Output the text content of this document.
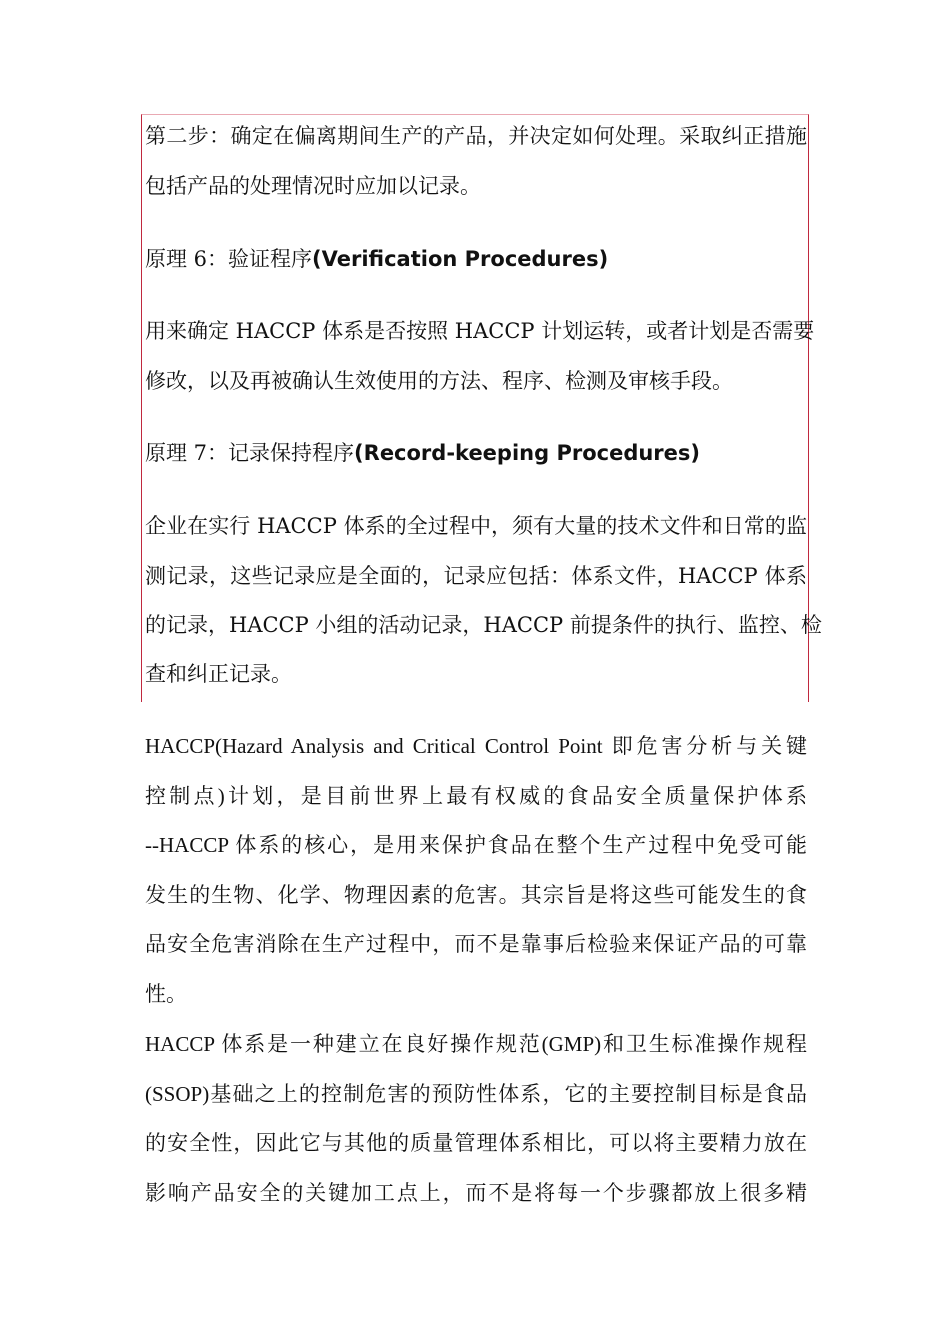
第二步：确定在偏离期间生产的产品，并决定如何处理。采取纠正措施
包括产品的处理情况时应加以记录。
原理 6：验证程序(Verification Procedures)
用来确定 HACCP 体系是否按照 HACCP 计划运转，或者计划是否需要
修改，以及再被确认生效使用的方法、程序、检测及审核手段。
原理 7：记录保持程序(Record-keeping Procedures)
企业在实行 HACCP 体系的全过程中，须有大量的技术文件和日常的监
测记录，这些记录应是全面的，记录应包括：体系文件，HACCP 体系
的记录，HACCP 小组的活动记录，HACCP 前提条件的执行、监控、检
查和纠正记录。
HACCP(Hazard Analysis and Critical Control Point 即危害分析与关键
控制点)计划，是目前世界上最有权威的食品安全质量保护体系
--HACCP 体系的核心，是用来保护食品在整个生产过程中免受可能
发生的生物、化学、物理因素的危害。其宗旨是将这些可能发生的食
品安全危害消除在生产过程中，而不是靠事后检验来保证产品的可靠
性。
HACCP 体系是一种建立在良好操作规范(GMP)和卫生标准操作规程
(SSOP)基础之上的控制危害的预防性体系，它的主要控制目标是食品
的安全性，因此它与其他的质量管理体系相比，可以将主要精力放在
影响产品安全的关键加工点上，而不是将每一个步骤都放上很多精
